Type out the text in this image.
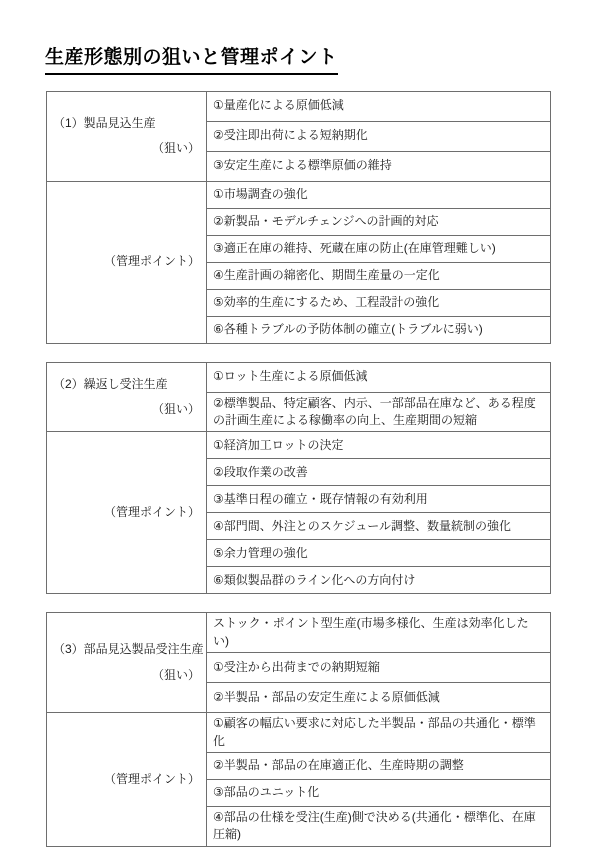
生産形態別の狙いと管理ポイント
（1）製品見込生産
（狙い）	①量産化による原価低減
	②受注即出荷による短納期化
	③安定生産による標準原価の維持

（管理ポイント）	①市場調査の強化
	②新製品・モデルチェンジへの計画的対応
	③適正在庫の維持、死蔵在庫の防止(在庫管理難しい)
	④生産計画の綿密化、期間生産量の一定化
	⑤効率的生産にするため、工程設計の強化
	⑥各種トラブルの予防体制の確立(トラブルに弱い)
（2）繰返し受注生産
（狙い）	①ロット生産による原価低減
	②標準製品、特定顧客、内示、一部部品在庫など、ある程度の計画生産による稼働率の向上、生産期間の短縮

（管理ポイント）	①経済加工ロットの決定
	②段取作業の改善
	③基準日程の確立・既存情報の有効利用
	④部門間、外注とのスケジュール調整、数量統制の強化
	⑤余力管理の強化
	⑥類似製品群のライン化への方向付け
（3）部品見込製品受注生産
（狙い）	ストック・ポイント型生産(市場多様化、生産は効率化したい)
	①受注から出荷までの納期短縮
	②半製品・部品の安定生産による原価低減

（管理ポイント）	①顧客の幅広い要求に対応した半製品・部品の共通化・標準化
	②半製品・部品の在庫適正化、生産時期の調整
	③部品のユニット化
	④部品の仕様を受注(生産)側で決める(共通化・標準化、在庫圧縮)
